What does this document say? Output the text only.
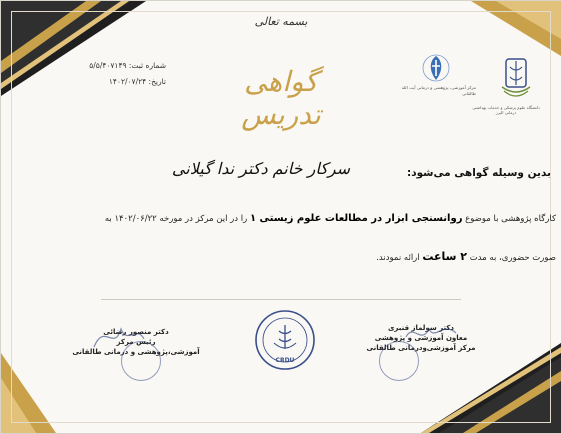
بسمه تعالی
گواهی تدریس
شماره ثبت: ۵/۵/۴۰۷۱۴۹
تاریخ: ۱۴۰۲/۰۷/۲۴
دانشگاه علوم پزشکی و خدمات بهداشتی درمانی البرز
مرکز آموزشی، پژوهشی و درمانی آیت الله طالقانی
بدین وسیله گواهی می‌شود:
سرکار خانم دکتر ندا گیلانی
کارگاه پژوهشی با موضوع روانسنجی ابزار در مطالعات علوم زیستی ۱ را در این مرکز در مورخه ۱۴۰۲/۰۶/۲۲ به
صورت حضوری، به مدت ۲ ساعت ارائه نمودند.
دکتر منصور رضائی
رئیس مرکز
آموزشی،پژوهشی و درمانی طالقانی
دکتر سولماز قنبری
معاون آموزشی و پژوهشی
مرکز آموزشی‌ودرمانی طالقانی
CRDU
